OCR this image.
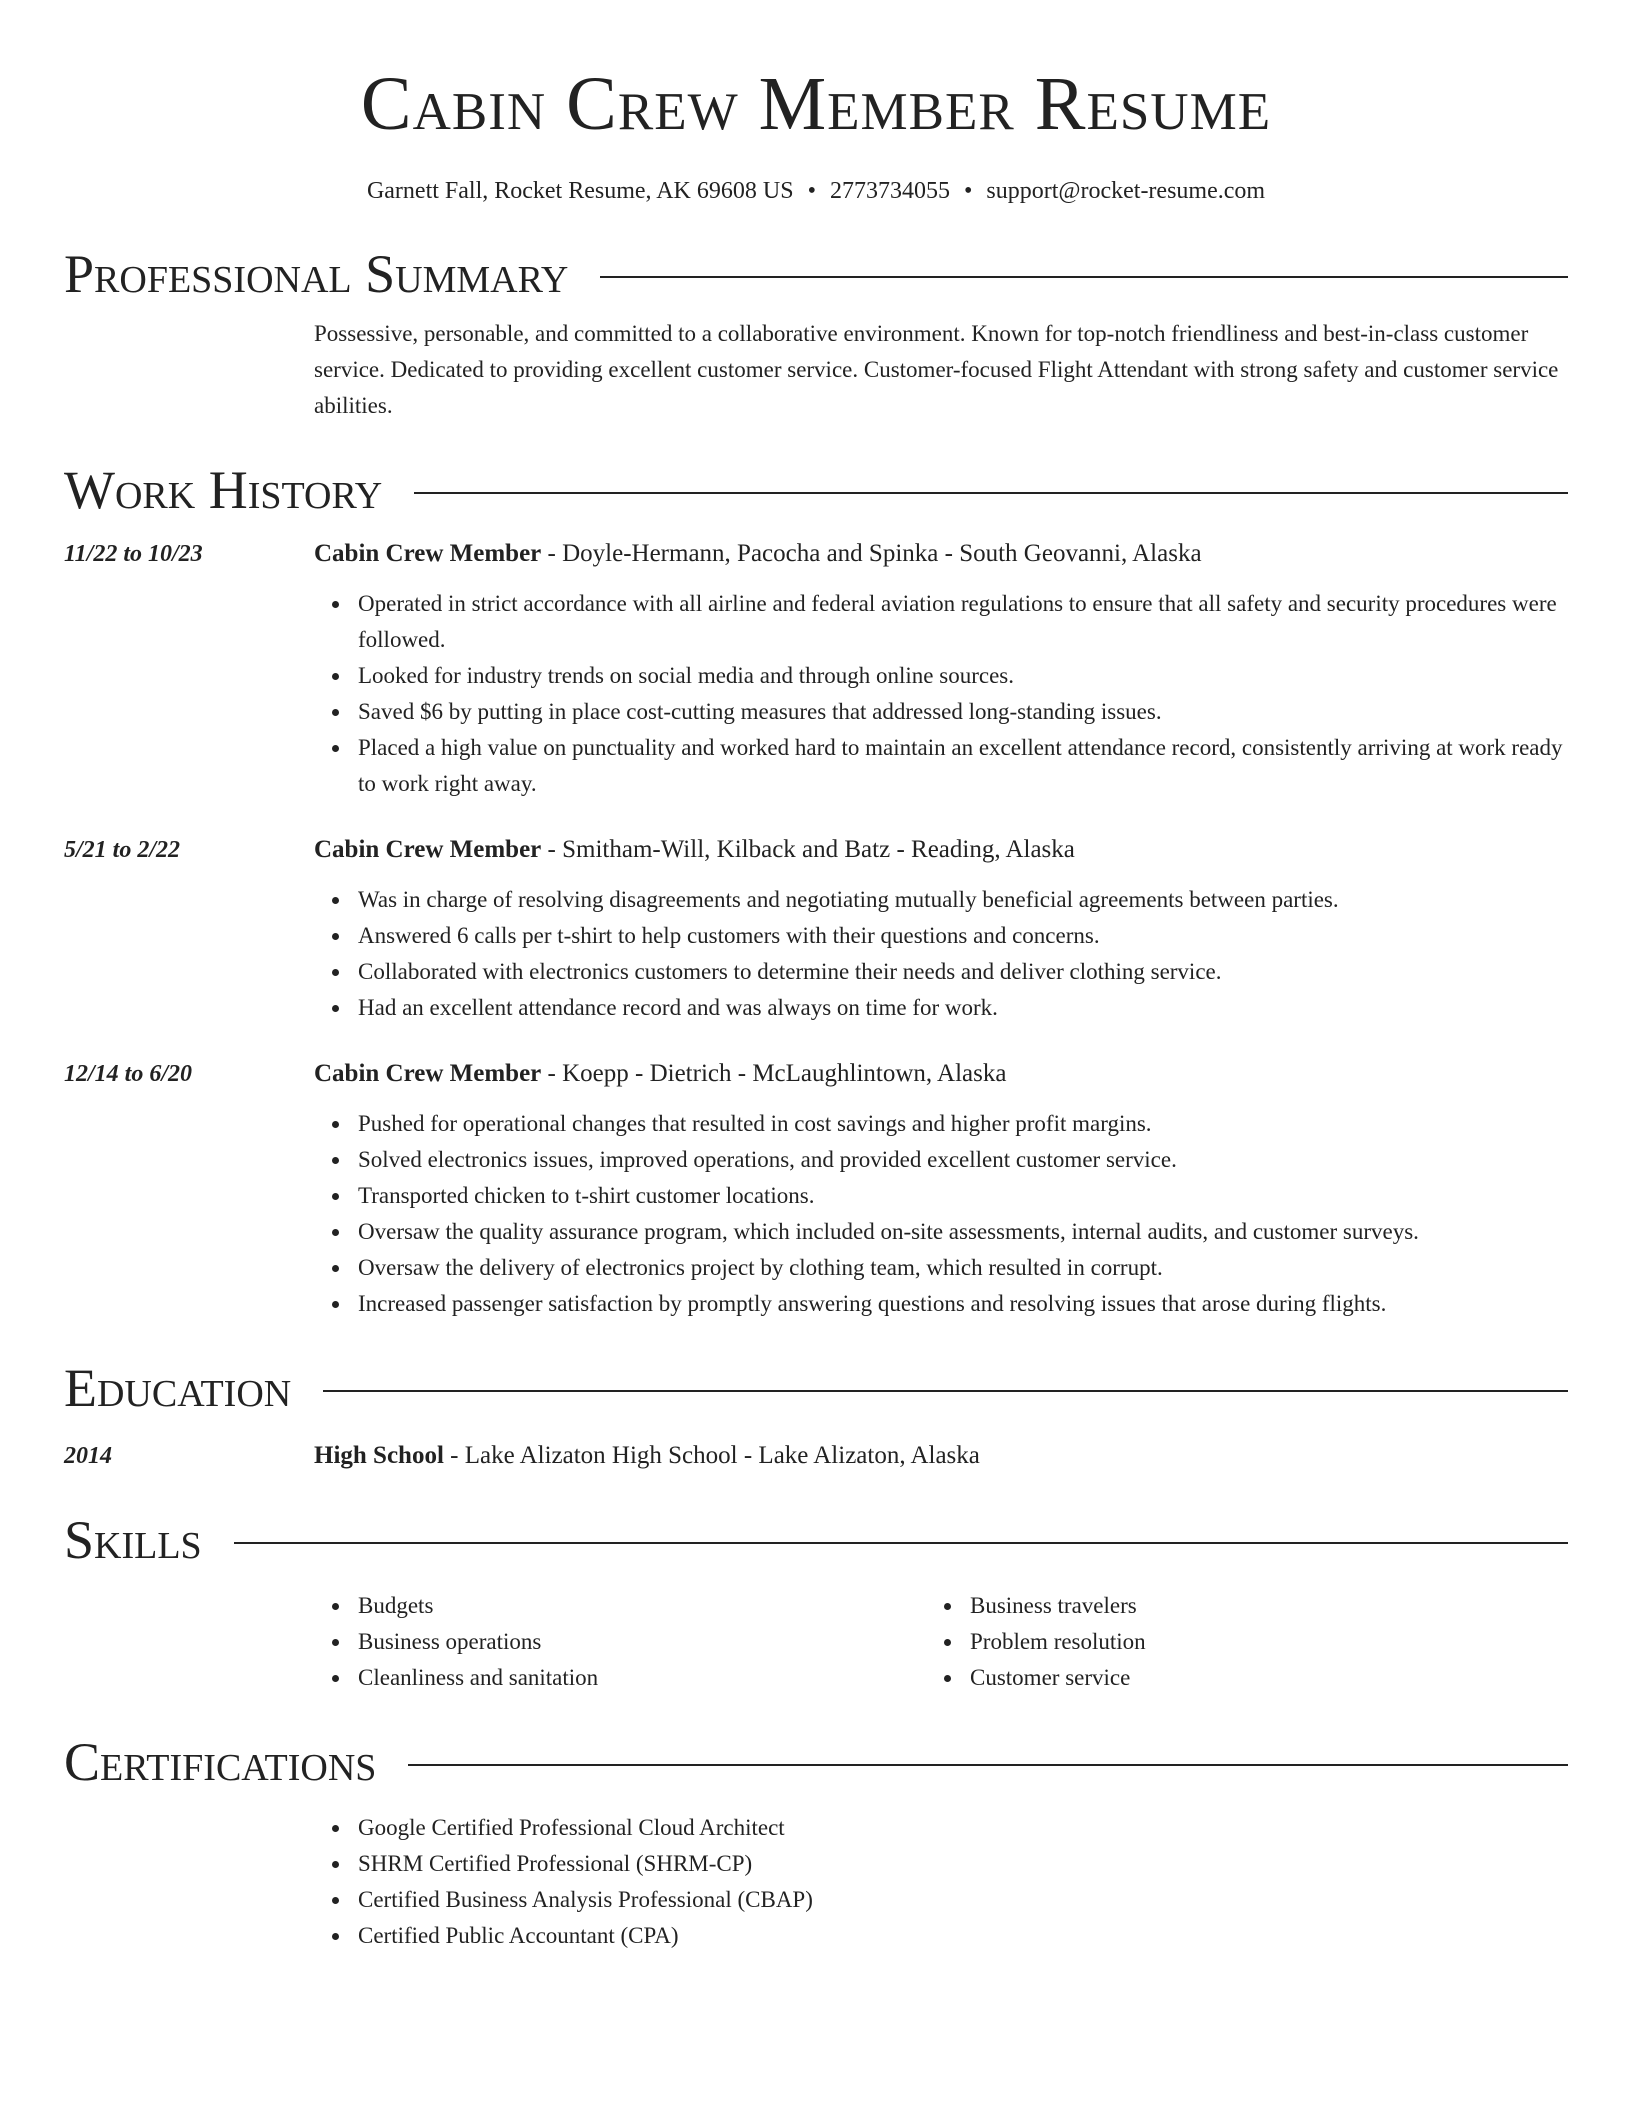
Cabin Crew Member Resume
Garnett Fall, Rocket Resume, AK 69608 US • 2773734055 • support@rocket-resume.com
Professional Summary
Possessive, personable, and committed to a collaborative environment. Known for top-notch friendliness and best-in-class customer service. Dedicated to providing excellent customer service. Customer-focused Flight Attendant with strong safety and customer service abilities.
Work History
11/22 to 10/23	Cabin Crew Member - Doyle-Hermann, Pacocha and Spinka - South Geovanni, Alaska
Operated in strict accordance with all airline and federal aviation regulations to ensure that all safety and security procedures were followed.
Looked for industry trends on social media and through online sources.
Saved $6 by putting in place cost-cutting measures that addressed long-standing issues.
Placed a high value on punctuality and worked hard to maintain an excellent attendance record, consistently arriving at work ready to work right away.
5/21 to 2/22	Cabin Crew Member - Smitham-Will, Kilback and Batz - Reading, Alaska
Was in charge of resolving disagreements and negotiating mutually beneficial agreements between parties.
Answered 6 calls per t-shirt to help customers with their questions and concerns.
Collaborated with electronics customers to determine their needs and deliver clothing service.
Had an excellent attendance record and was always on time for work.
12/14 to 6/20	Cabin Crew Member - Koepp - Dietrich - McLaughlintown, Alaska
Pushed for operational changes that resulted in cost savings and higher profit margins.
Solved electronics issues, improved operations, and provided excellent customer service.
Transported chicken to t-shirt customer locations.
Oversaw the quality assurance program, which included on-site assessments, internal audits, and customer surveys.
Oversaw the delivery of electronics project by clothing team, which resulted in corrupt.
Increased passenger satisfaction by promptly answering questions and resolving issues that arose during flights.
Education
2014	High School - Lake Alizaton High School - Lake Alizaton, Alaska
Skills
Budgets
Business operations
Cleanliness and sanitation
Business travelers
Problem resolution
Customer service
Certifications
Google Certified Professional Cloud Architect
SHRM Certified Professional (SHRM-CP)
Certified Business Analysis Professional (CBAP)
Certified Public Accountant (CPA)
